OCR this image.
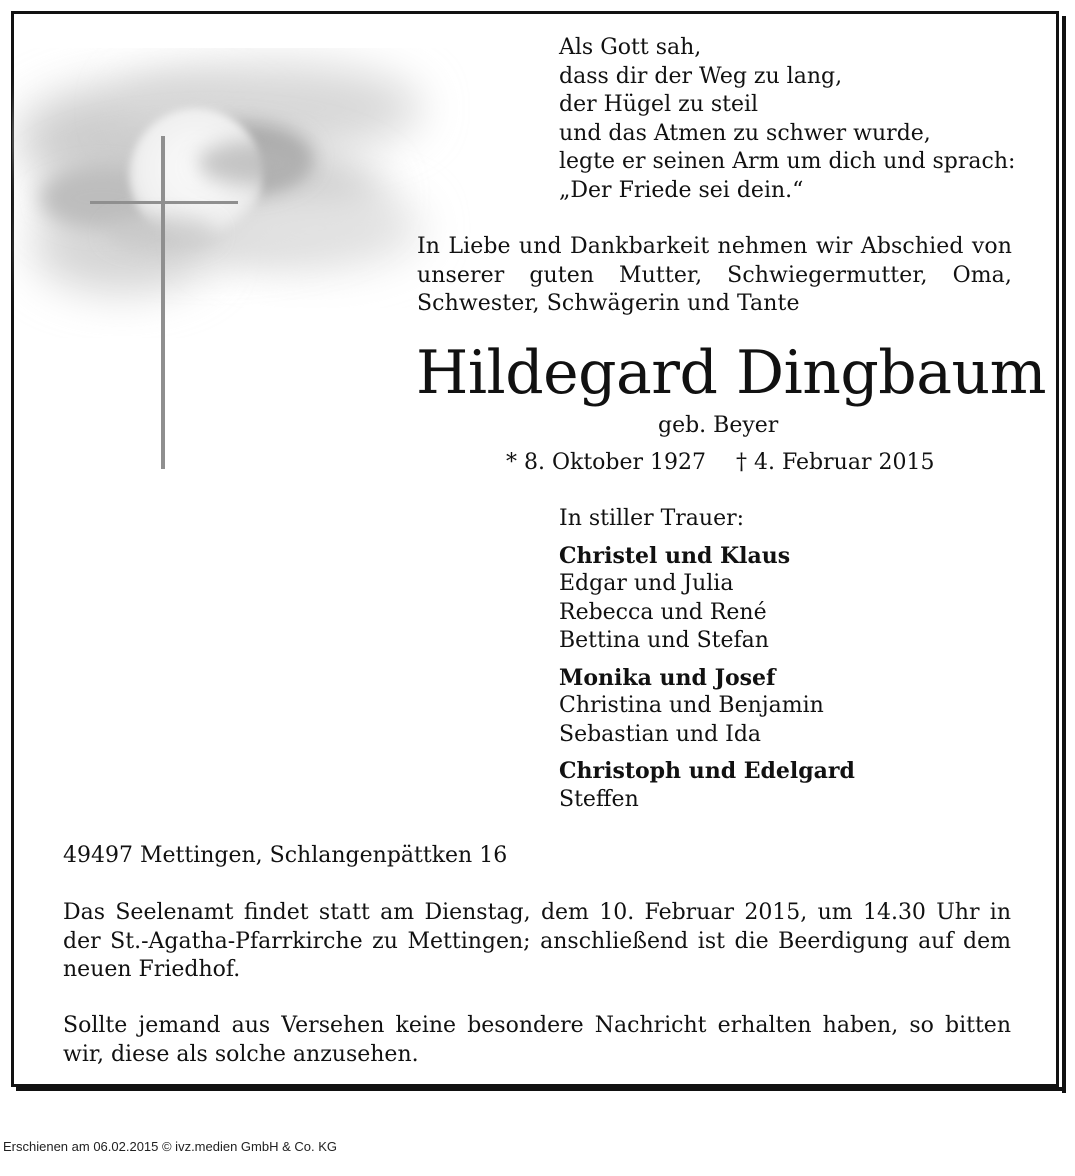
Als Gott sah,
dass dir der Weg zu lang,
der Hügel zu steil
und das Atmen zu schwer wurde,
legte er seinen Arm um dich und sprach:
„Der Friede sei dein.“
In Liebe und Dankbarkeit nehmen wir Abschied von unserer guten Mutter, Schwiegermutter, Oma, Schwester, Schwägerin und Tante
Hildegard Dingbaum
geb. Beyer
* 8. Oktober 1927 † 4. Februar 2015
In stiller Trauer:
Christel und Klaus
Edgar und Julia
Rebecca und René
Bettina und Stefan
Monika und Josef
Christina und Benjamin
Sebastian und Ida
Christoph und Edelgard
Steffen
49497 Mettingen, Schlangenpättken 16
Das Seelenamt findet statt am Dienstag, dem 10. Februar 2015, um 14.30 Uhr in der St.-Agatha-Pfarrkirche zu Mettingen; anschließend ist die Beerdigung auf dem neuen Friedhof.
Sollte jemand aus Versehen keine besondere Nachricht erhalten haben, so bitten wir, diese als solche anzusehen.
Erschienen am 06.02.2015 © ivz.medien GmbH & Co. KG
